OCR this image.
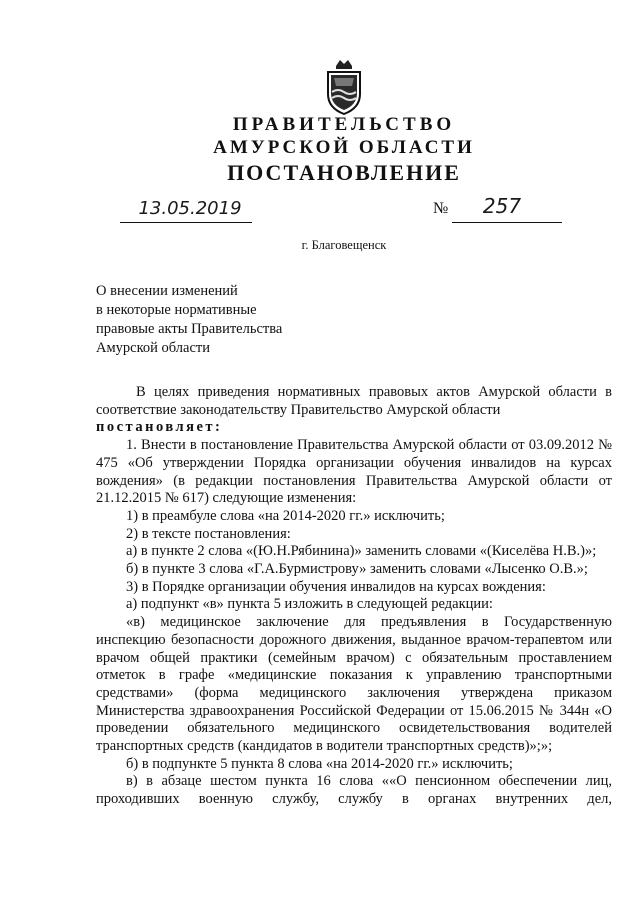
ПРАВИТЕЛЬСТВО
АМУРСКОЙ ОБЛАСТИ
ПОСТАНОВЛЕНИЕ
13.05.2019	№	257
г. Благовещенск
О внесении изменений
в некоторые нормативные
правовые акты Правительства
Амурской области

В целях приведения нормативных правовых актов Амурской области в соответствие законодательству Правительство Амурской области

постановляет:

1. Внести в постановление Правительства Амурской области от 03.09.2012 № 475 «Об утверждении Порядка организации обучения инвалидов на курсах вождения» (в редакции постановления Правительства Амурской области от 21.12.2015 № 617) следующие изменения:

1) в преамбуле слова «на 2014-2020 гг.» исключить;

2) в тексте постановления:

а) в пункте 2 слова «(Ю.Н.Рябинина)» заменить словами «(Киселёва Н.В.)»;

б) в пункте 3 слова «Г.А.Бурмистрову» заменить словами «Лысенко О.В.»;

3) в Порядке организации обучения инвалидов на курсах вождения:

а) подпункт «в» пункта 5 изложить в следующей редакции:

«в) медицинское заключение для предъявления в Государственную инспекцию безопасности дорожного движения, выданное врачом-терапевтом или врачом общей практики (семейным врачом) с обязательным проставлением отметок в графе «медицинские показания к управлению транспортными средствами» (форма медицинского заключения утверждена приказом Министерства здравоохранения Российской Федерации от 15.06.2015 № 344н «О проведении обязательного медицинского освидетельствования водителей транспортных средств (кандидатов в водители транспортных средств)»;»;

б) в подпункте 5 пункта 8 слова «на 2014-2020 гг.» исключить;

в) в абзаце шестом пункта 16 слова ««О пенсионном обеспечении лиц, проходивших военную службу, службу в органах внутренних дел,
